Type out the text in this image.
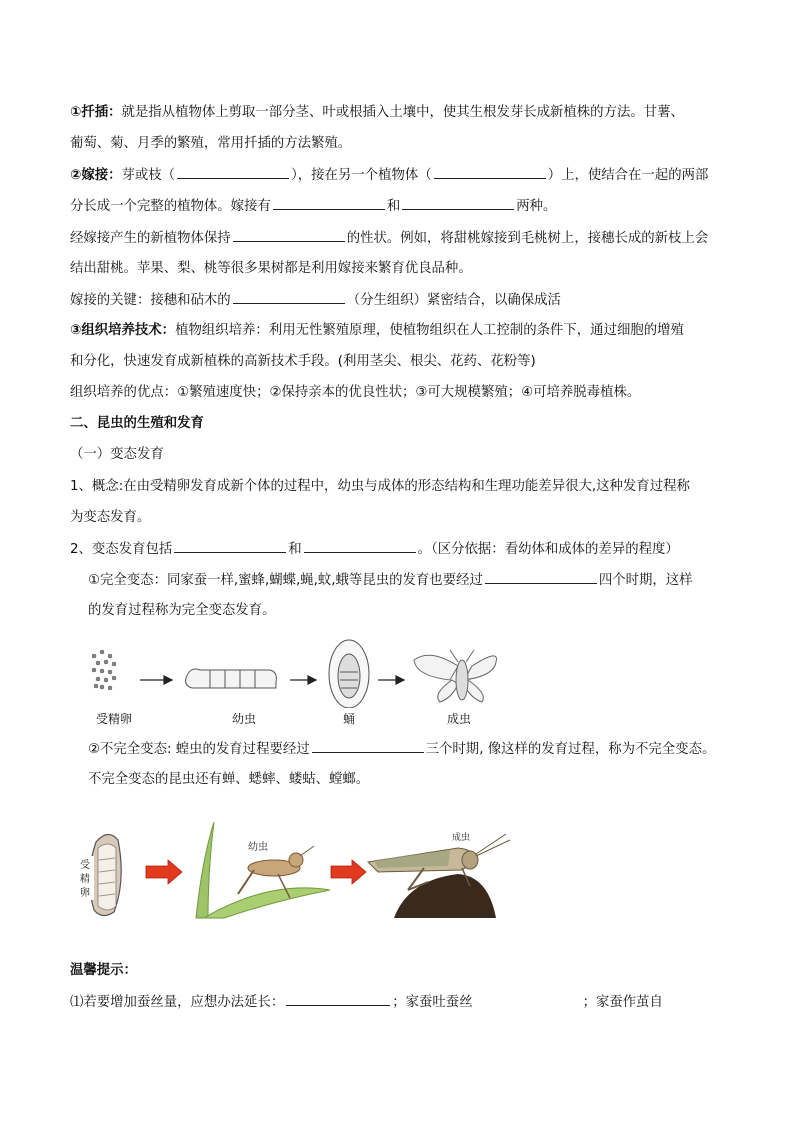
①扦插：就是指从植物体上剪取一部分茎、叶或根插入土壤中，使其生根发芽长成新植株的方法。甘薯、
葡萄、菊、月季的繁殖，常用扦插的方法繁殖。
②嫁接：芽或枝（	），接在另一个植物体（	）上，使结合在一起的两部
分长成一个完整的植物体。嫁接有	和	两种。
经嫁接产生的新植物体保持	的性状。例如，将甜桃嫁接到毛桃树上，接穗长成的新枝上会
结出甜桃。苹果、梨、桃等很多果树都是利用嫁接来繁育优良品种。
嫁接的关键：接穗和砧木的	（分生组织）紧密结合，以确保成活
③组织培养技术：植物组织培养：利用无性繁殖原理，使植物组织在人工控制的条件下，通过细胞的增殖
和分化，快速发育成新植株的高新技术手段。(利用茎尖、根尖、花药、花粉等)
组织培养的优点：①繁殖速度快；②保持亲本的优良性状；③可大规模繁殖；④可培养脱毒植株。
二、昆虫的生殖和发育
（一）变态发育
1、概念:在由受精卵发育成新个体的过程中，幼虫与成体的形态结构和生理功能差异很大,这种发育过程称
为变态发育。
2、变态发育包括	和	。（区分依据：看幼体和成体的差异的程度）
①完全变态：同家蚕一样,蜜蜂,蝴蝶,蝇,蚊,蛾等昆虫的发育也要经过	四个时期，这样
的发育过程称为完全变态发育。
受精卵	幼虫	蛹	成虫
②不完全变态: 蝗虫的发育过程要经过	三个时期, 像这样的发育过程，称为不完全变态。
不完全变态的昆虫还有蝉、蟋蟀、蝼蛄、螳螂。
受
精
卵
幼虫
成虫
温馨提示：
⑴若要增加蚕丝量，应想办法延长：	；家蚕吐蚕丝	；家蚕作茧自
